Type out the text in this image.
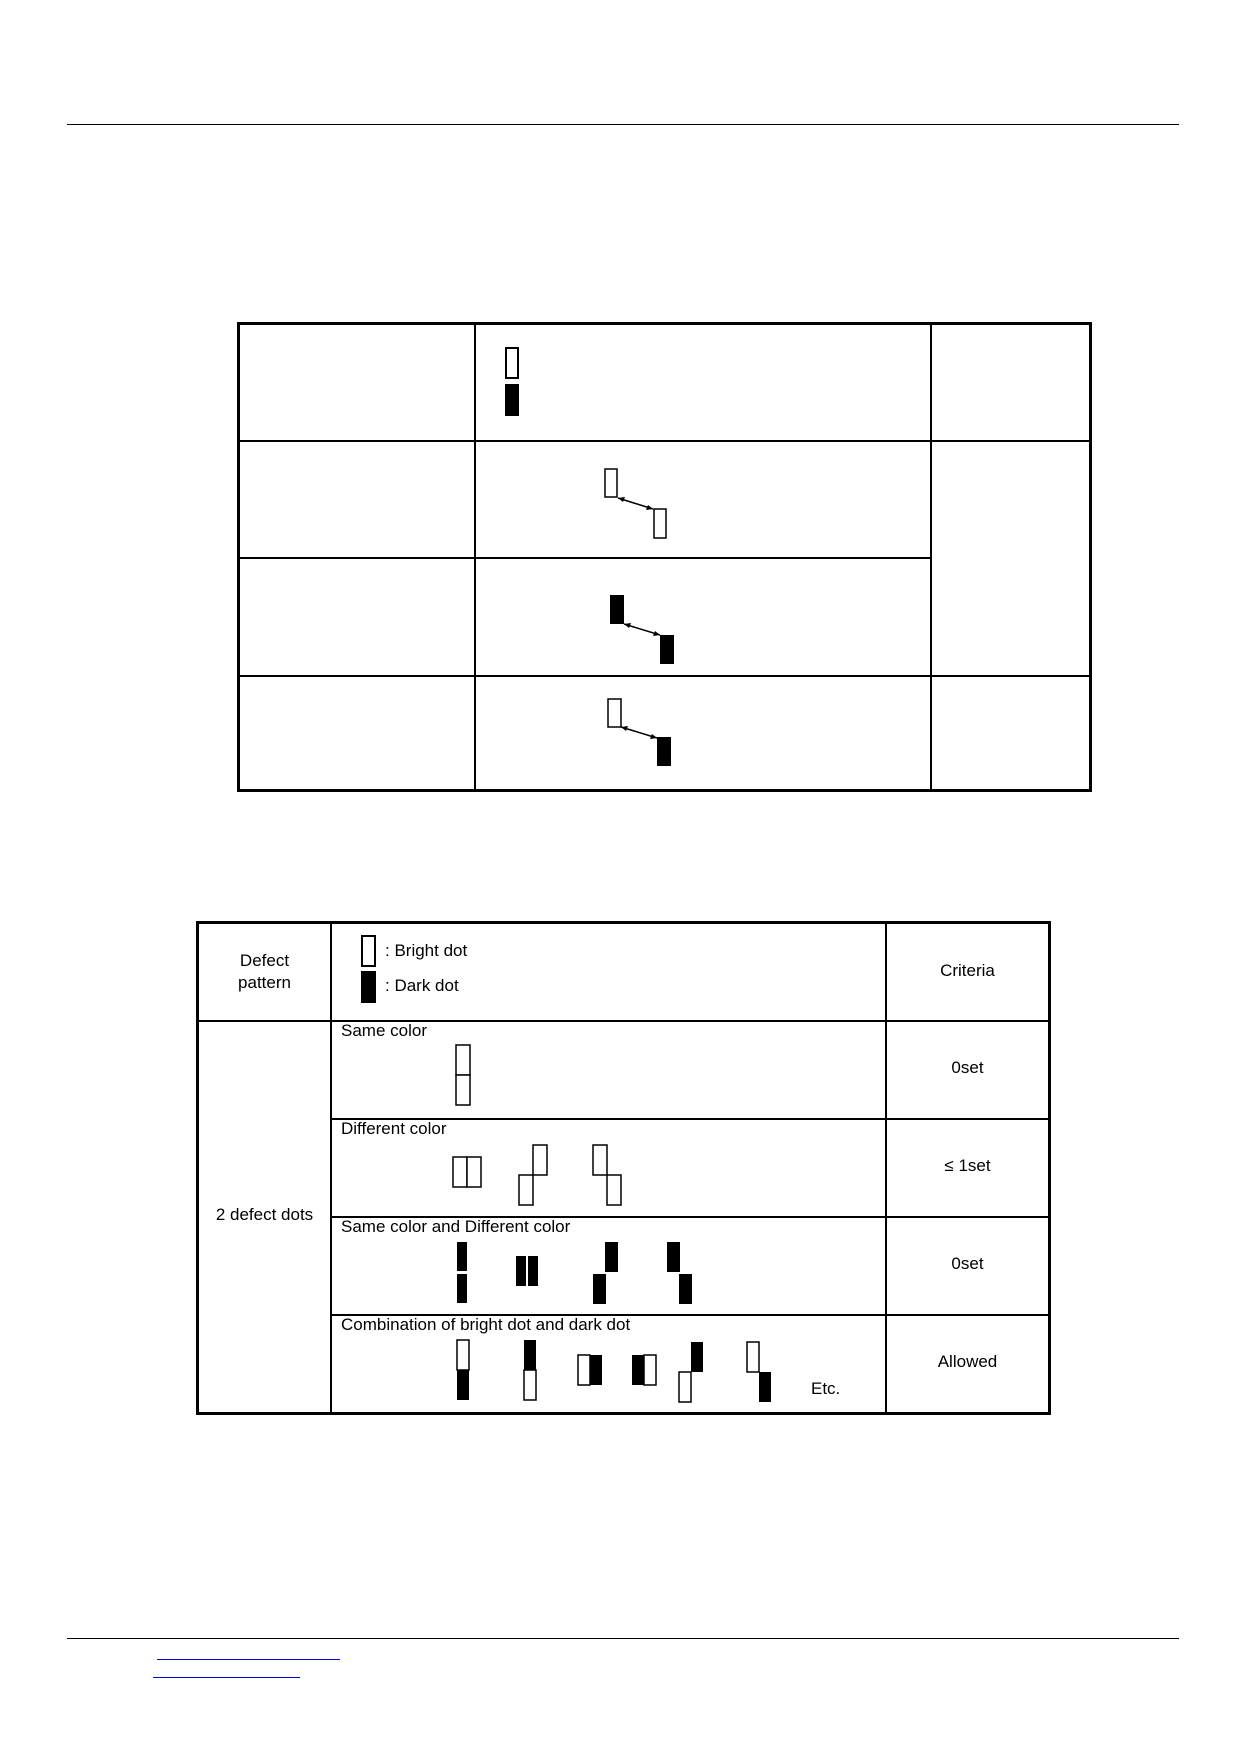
Defect
pattern
: Bright dot
: Dark dot
Criteria
2 defect dots
Same color
0set
Different color
≤ 1set
Same color and Different color
0set
Combination of bright dot and dark dot
Allowed
Etc.
